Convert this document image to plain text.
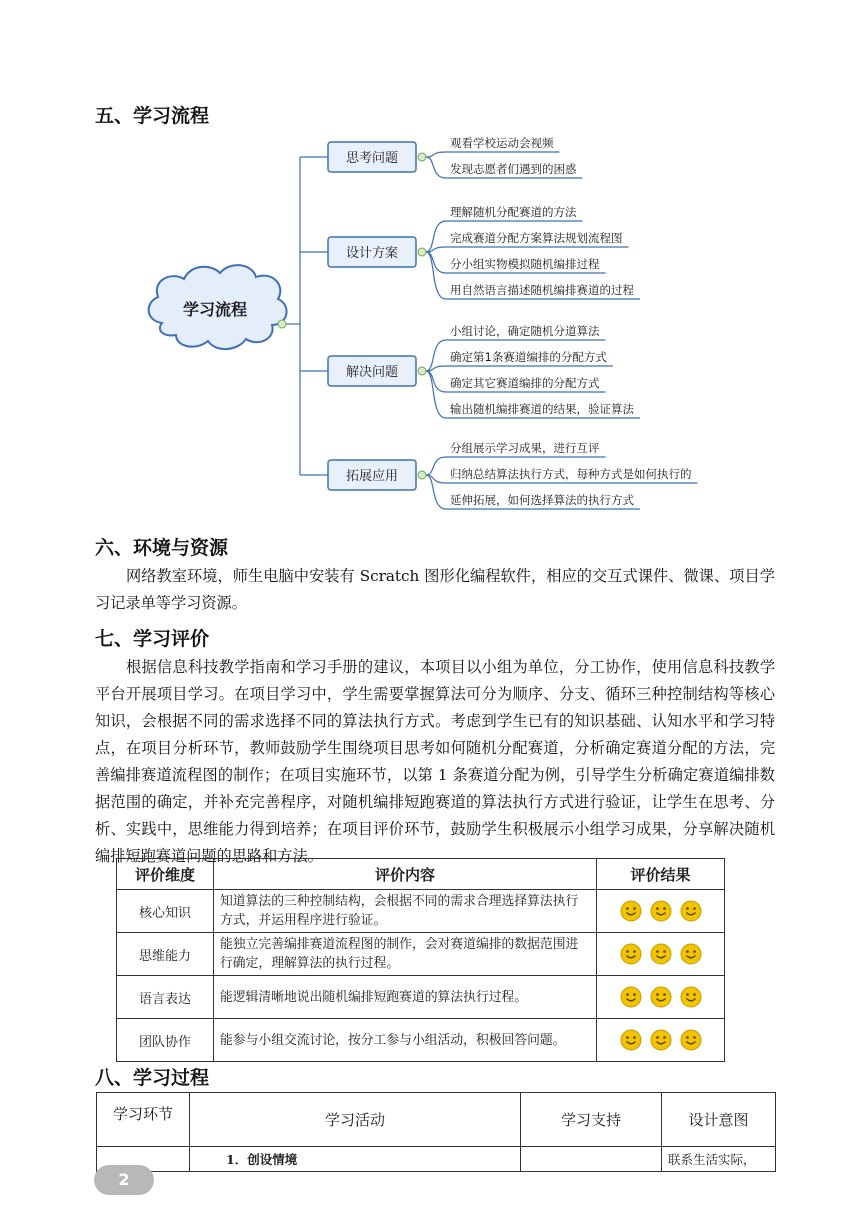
五、学习流程
学习流程
思考问题
观看学校运动会视频
发现志愿者们遇到的困惑
设计方案
理解随机分配赛道的方法
完成赛道分配方案算法规划流程图
分小组实物模拟随机编排过程
用自然语言描述随机编排赛道的过程
解决问题
小组讨论，确定随机分道算法
确定第1条赛道编排的分配方式
确定其它赛道编排的分配方式
输出随机编排赛道的结果，验证算法
拓展应用
分组展示学习成果，进行互评
归纳总结算法执行方式，每种方式是如何执行的
延伸拓展，如何选择算法的执行方式
六、环境与资源

网络教室环境，师生电脑中安装有 Scratch 图形化编程软件，相应的交互式课件、微课、项目学习记录单等学习资源。

七、学习评价

根据信息科技教学指南和学习手册的建议，本项目以小组为单位，分工协作，使用信息科技教学平台开展项目学习。在项目学习中，学生需要掌握算法可分为顺序、分支、循环三种控制结构等核心知识，会根据不同的需求选择不同的算法执行方式。考虑到学生已有的知识基础、认知水平和学习特点，在项目分析环节，教师鼓励学生围绕项目思考如何随机分配赛道，分析确定赛道分配的方法，完善编排赛道流程图的制作；在项目实施环节，以第 1 条赛道分配为例，引导学生分析确定赛道编排数据范围的确定，并补充完善程序，对随机编排短跑赛道的算法执行方式进行验证，让学生在思考、分析、实践中，思维能力得到培养；在项目评价环节，鼓励学生积极展示小组学习成果，分享解决随机编排短跑赛道问题的思路和方法。

评价维度	评价内容	评价结果
核心知识	知道算法的三种控制结构，会根据不同的需求合理选择算法执行方式，并运用程序进行验证。	
思维能力	能独立完善编排赛道流程图的制作，会对赛道编排的数据范围进行确定，理解算法的执行过程。	
语言表达	能逻辑清晰地说出随机编排短跑赛道的算法执行过程。	
团队协作	能参与小组交流讨论，按分工参与小组活动，积极回答问题。	
八、学习过程
学习环节	学习活动	学习支持	设计意图
	1．创设情境		联系生活实际，
2
